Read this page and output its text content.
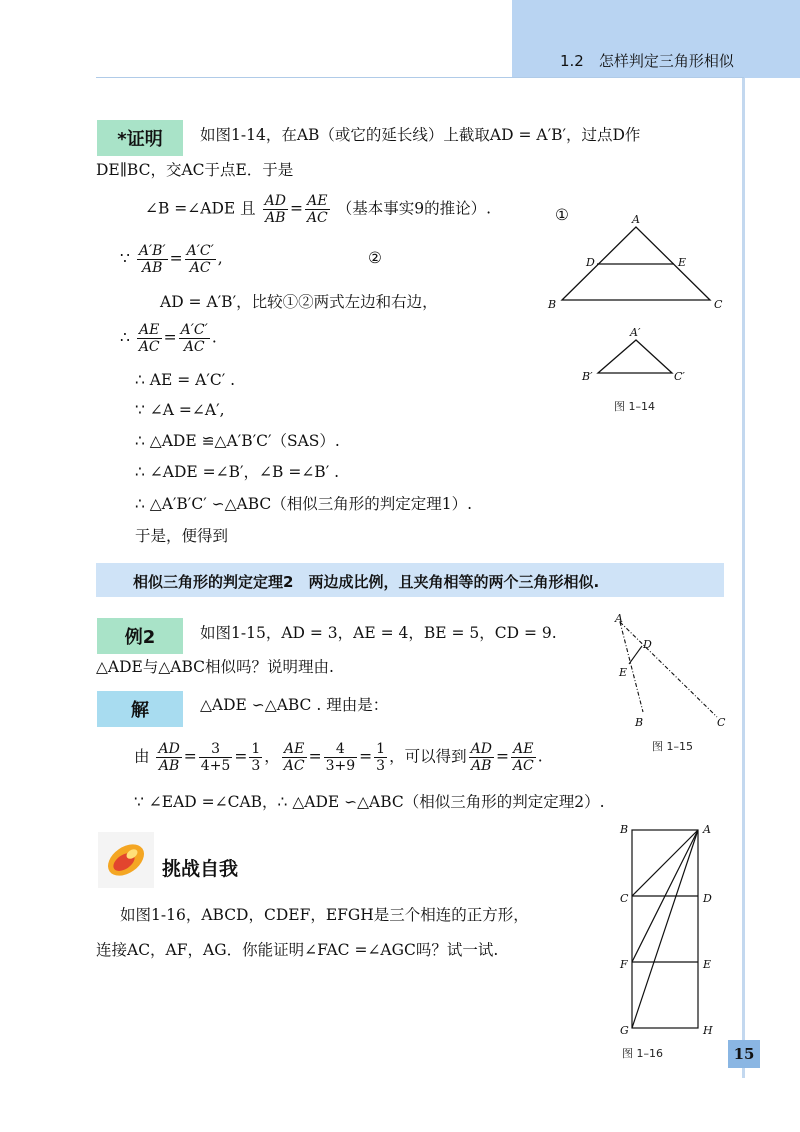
1.2　怎样判定三角形相似
*证明	如图1-14，在AB（或它的延长线）上截取AD = A′B′，过点D作
DE∥BC，交AC于点E．于是
∠B =∠ADE 且 $\frac{AD}{AB} = \frac{AE}{AC}$ （基本事实9的推论）.	①
∵ $\frac{A'B'}{AB} = \frac{A'C'}{AC}$ ,	②
AD = A′B′，比较①②两式左边和右边，
∴ $\frac{AE}{AC} = \frac{A'C'}{AC}$ .
∴ AE = A′C′ .
∵ ∠A =∠A′,
∴ △ADE ≌△A′B′C′（SAS）.
∴ ∠ADE =∠B′，∠B =∠B′ .
∴ △A′B′C′ ∽△ABC（相似三角形的判定定理1）.
于是，便得到
A
D	E
B	C
A′
B′	C′
图 1–14
相似三角形的判定定理2　两边成比例，且夹角相等的两个三角形相似.
例2	如图1-15，AD = 3，AE = 4，BE = 5，CD = 9.
△ADE与△ABC相似吗？说明理由.
A
D
E
B	C
图 1–15
解	△ADE ∽△ABC . 理由是：
由 $\frac{AD}{AB} = \frac{3}{4+5} = \frac{1}{3}$ ， $\frac{AE}{AC} = \frac{4}{3+9} = \frac{1}{3}$ ，可以得到 $\frac{AD}{AB} = \frac{AE}{AC}$ .
∵ ∠EAD =∠CAB，∴ △ADE ∽△ABC（相似三角形的判定定理2）.
挑战自我
如图1-16，ABCD，CDEF，EFGH是三个相连的正方形，
连接AC，AF，AG．你能证明∠FAC =∠AGC吗？试一试.
B	A
C	D
F	E
G	H
图 1–16	15
